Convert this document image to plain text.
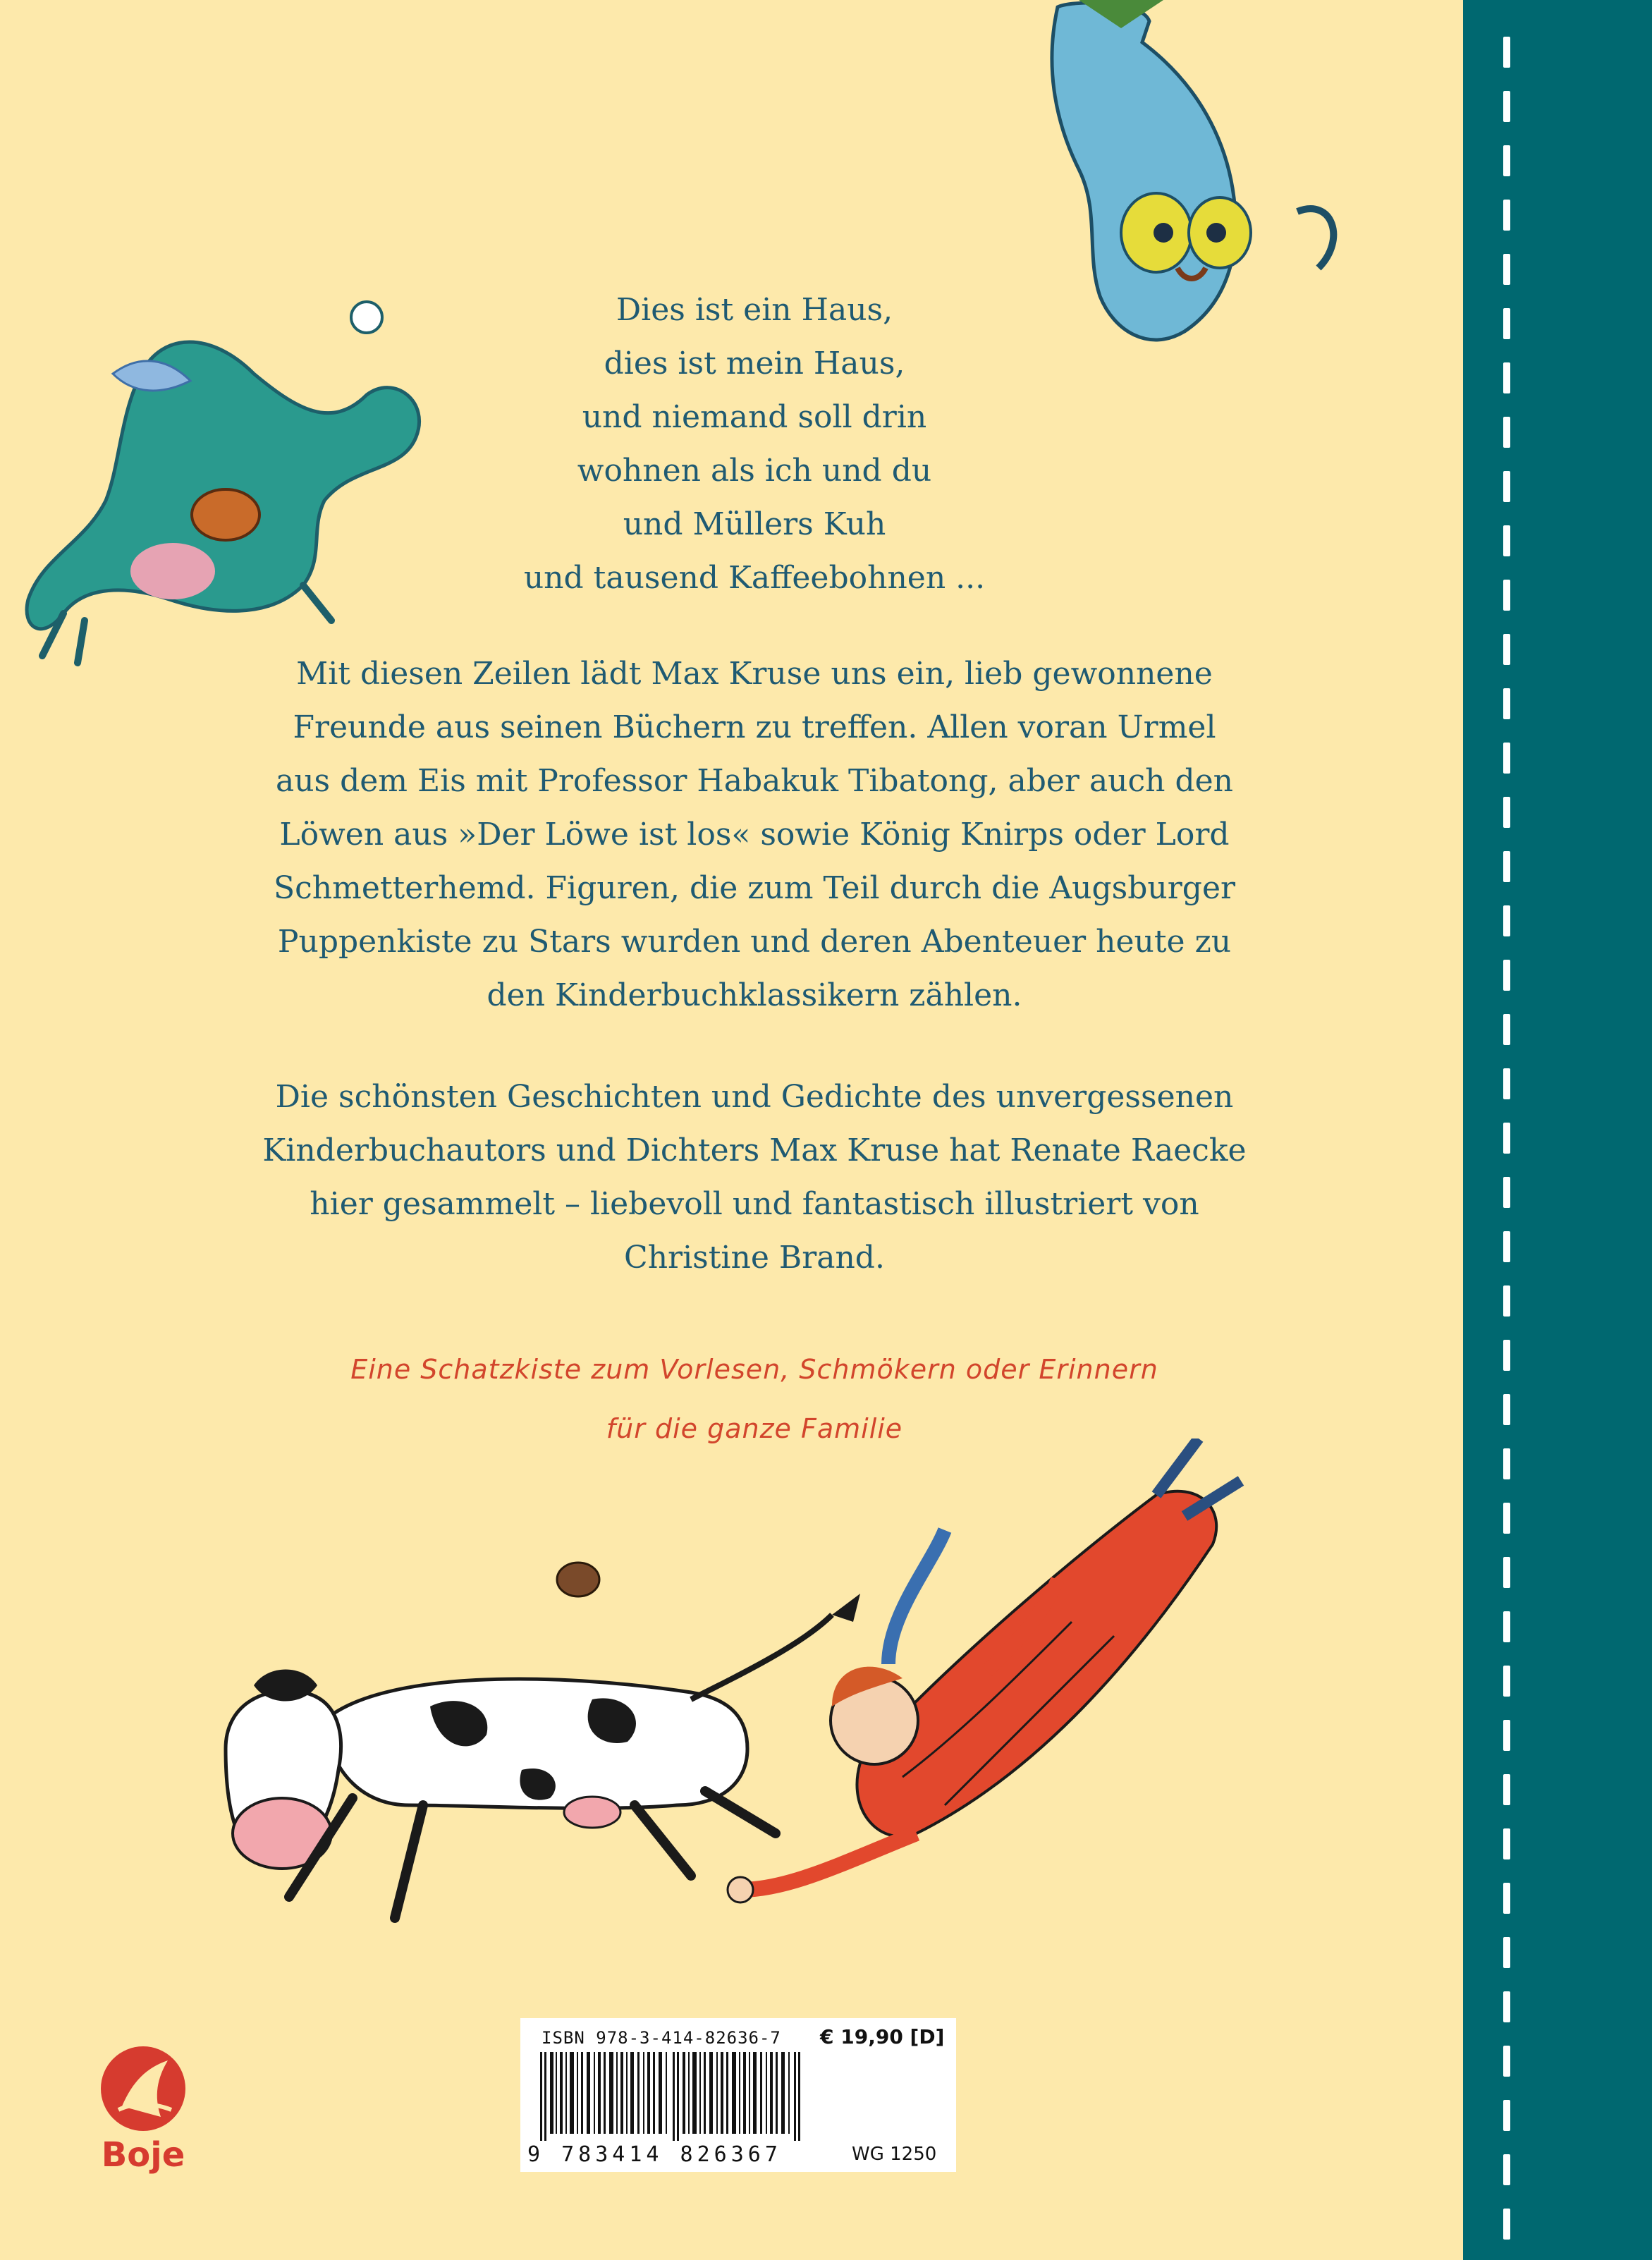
Dies ist ein Haus,
dies ist mein Haus,
und niemand soll drin
wohnen als ich und du
und Müllers Kuh
und tausend Kaffeebohnen ...
Mit diesen Zeilen lädt Max Kruse uns ein, lieb gewonnene
Freunde aus seinen Büchern zu treffen. Allen voran Urmel
aus dem Eis mit Professor Habakuk Tibatong, aber auch den
Löwen aus »Der Löwe ist los« sowie König Knirps oder Lord
Schmetterhemd. Figuren, die zum Teil durch die Augsburger
Puppenkiste zu Stars wurden und deren Abenteuer heute zu
den Kinderbuchklassikern zählen.
Die schönsten Geschichten und Gedichte des unvergessenen
Kinderbuchautors und Dichters Max Kruse hat Renate Raecke
hier gesammelt – liebevoll und fantastisch illustriert von
Christine Brand.
Eine Schatzkiste zum Vorlesen, Schmökern oder Erinnern
für die ganze Familie
Boje
ISBN 978-3-414-82636-7 € 19,90 [D]
9 783414 826367	WG 1250
